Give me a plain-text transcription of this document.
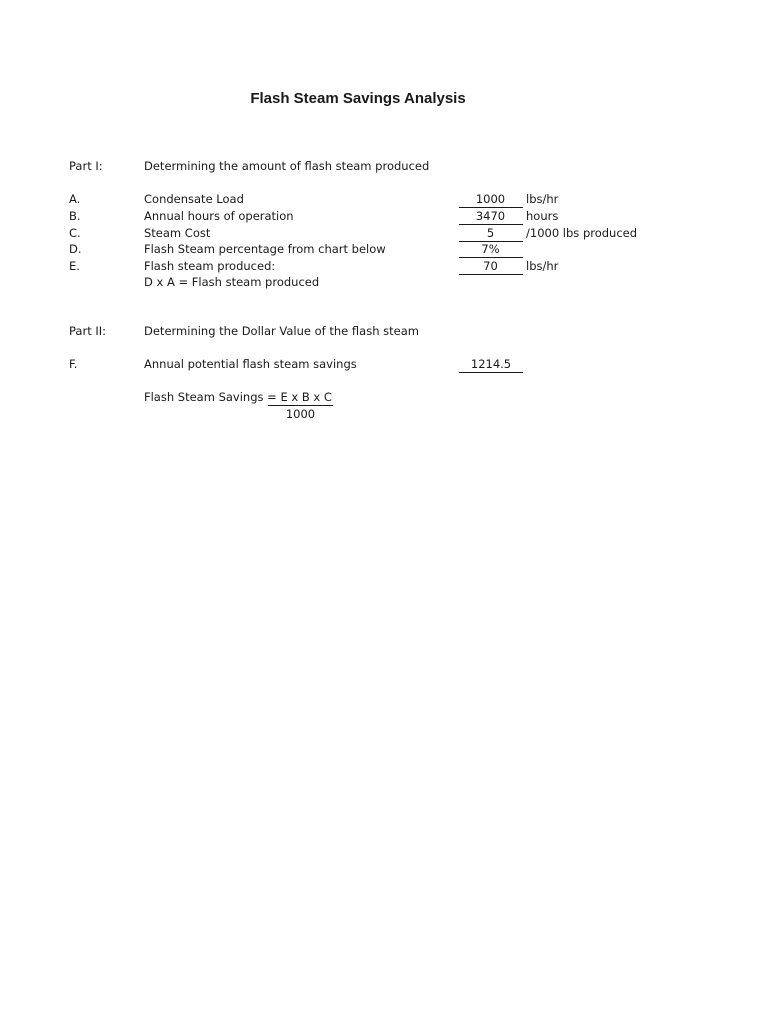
Flash Steam Savings Analysis
Part I:	Determining the amount of flash steam produced
A.	Condensate Load	1000	lbs/hr
B.	Annual hours of operation	3470	hours
C.	Steam Cost	5	/1000 lbs produced
D.	Flash Steam percentage from chart below	7%
E.	Flash steam produced:	70	lbs/hr
D x A = Flash steam produced
Part II:	Determining the Dollar Value of the flash steam
F.	Annual potential flash steam savings	1214.5
Flash Steam Savings = E x B x C
1000
